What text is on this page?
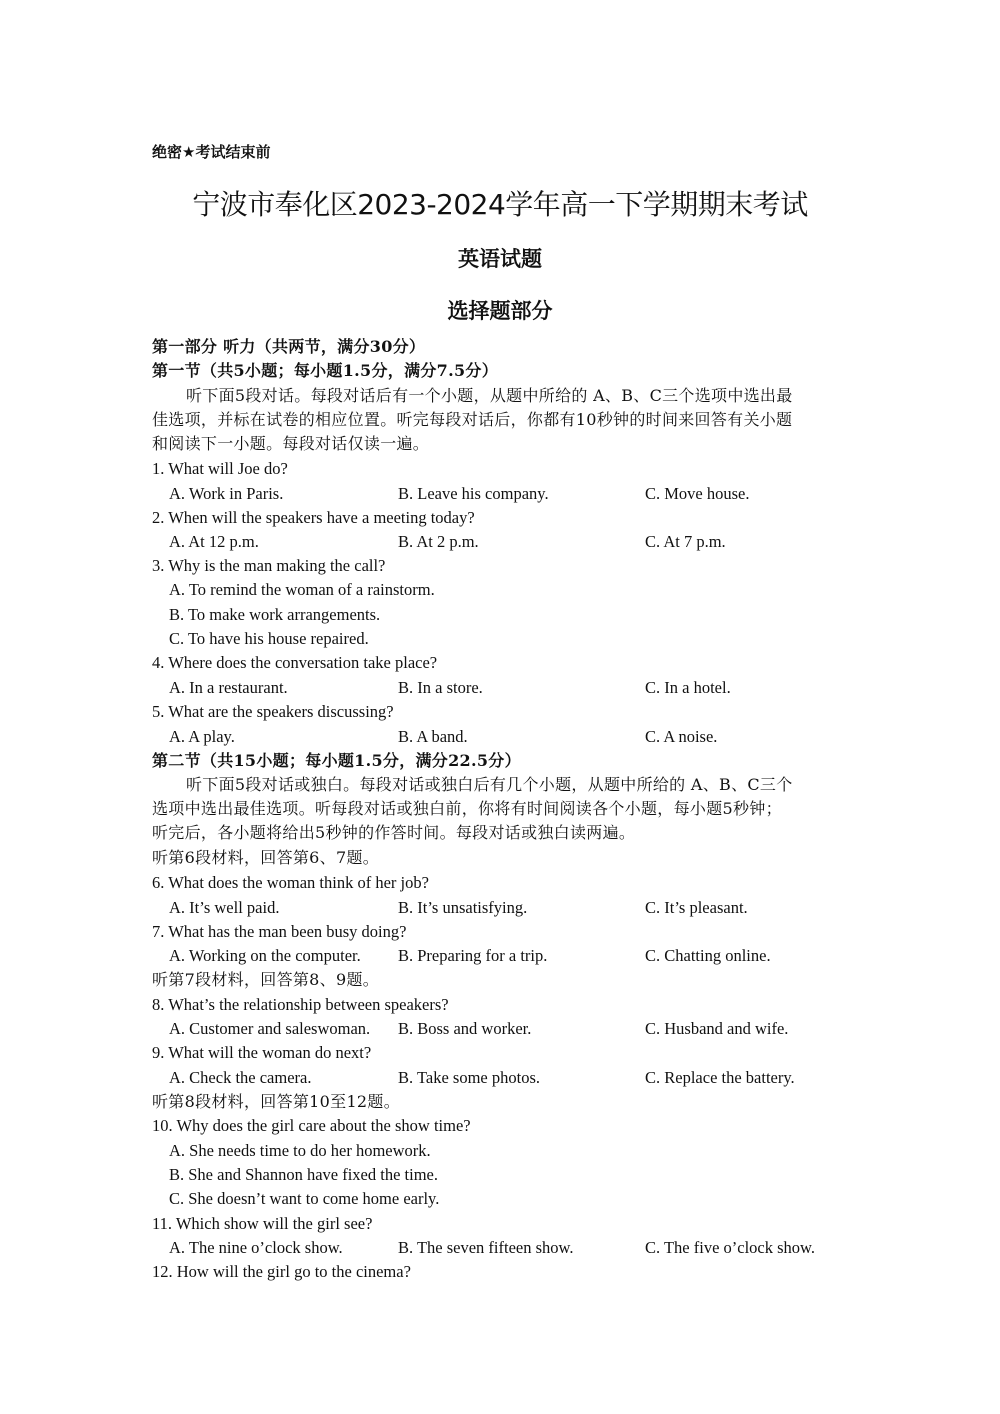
绝密★考试结束前
宁波市奉化区2023-2024学年高一下学期期末考试
英语试题
选择题部分
第一部分 听力（共两节，满分30分）
第一节（共5小题；每小题1.5分，满分7.5分）
听下面5段对话。每段对话后有一个小题，从题中所给的 A、B、C三个选项中选出最
佳选项，并标在试卷的相应位置。听完每段对话后，你都有10秒钟的时间来回答有关小题
和阅读下一小题。每段对话仅读一遍。
1. What will Joe do?
A. Work in Paris.	B. Leave his company.	C. Move house.
2. When will the speakers have a meeting today?
A. At 12 p.m.	B. At 2 p.m.	C. At 7 p.m.
3. Why is the man making the call?
A. To remind the woman of a rainstorm.
B. To make work arrangements.
C. To have his house repaired.
4. Where does the conversation take place?
A. In a restaurant.	B. In a store.	C. In a hotel.
5. What are the speakers discussing?
A. A play.	B. A band.	C. A noise.
第二节（共15小题；每小题1.5分，满分22.5分）
听下面5段对话或独白。每段对话或独白后有几个小题，从题中所给的 A、B、C三个
选项中选出最佳选项。听每段对话或独白前，你将有时间阅读各个小题，每小题5秒钟；
听完后，各小题将给出5秒钟的作答时间。每段对话或独白读两遍。
听第6段材料，回答第6、7题。
6. What does the woman think of her job?
A. It’s well paid.	B. It’s unsatisfying.	C. It’s pleasant.
7. What has the man been busy doing?
A. Working on the computer. B. Preparing for a trip.	C. Chatting online.
听第7段材料，回答第8、9题。
8. What’s the relationship between speakers?
A. Customer and saleswoman. B. Boss and worker.	C. Husband and wife.
9. What will the woman do next?
A. Check the camera.	B. Take some photos.	C. Replace the battery.
听第8段材料，回答第10至12题。
10. Why does the girl care about the show time?
A. She needs time to do her homework.
B. She and Shannon have fixed the time.
C. She doesn’t want to come home early.
11. Which show will the girl see?
A. The nine o’clock show.	B. The seven fifteen show.	C. The five o’clock show.
12. How will the girl go to the cinema?
